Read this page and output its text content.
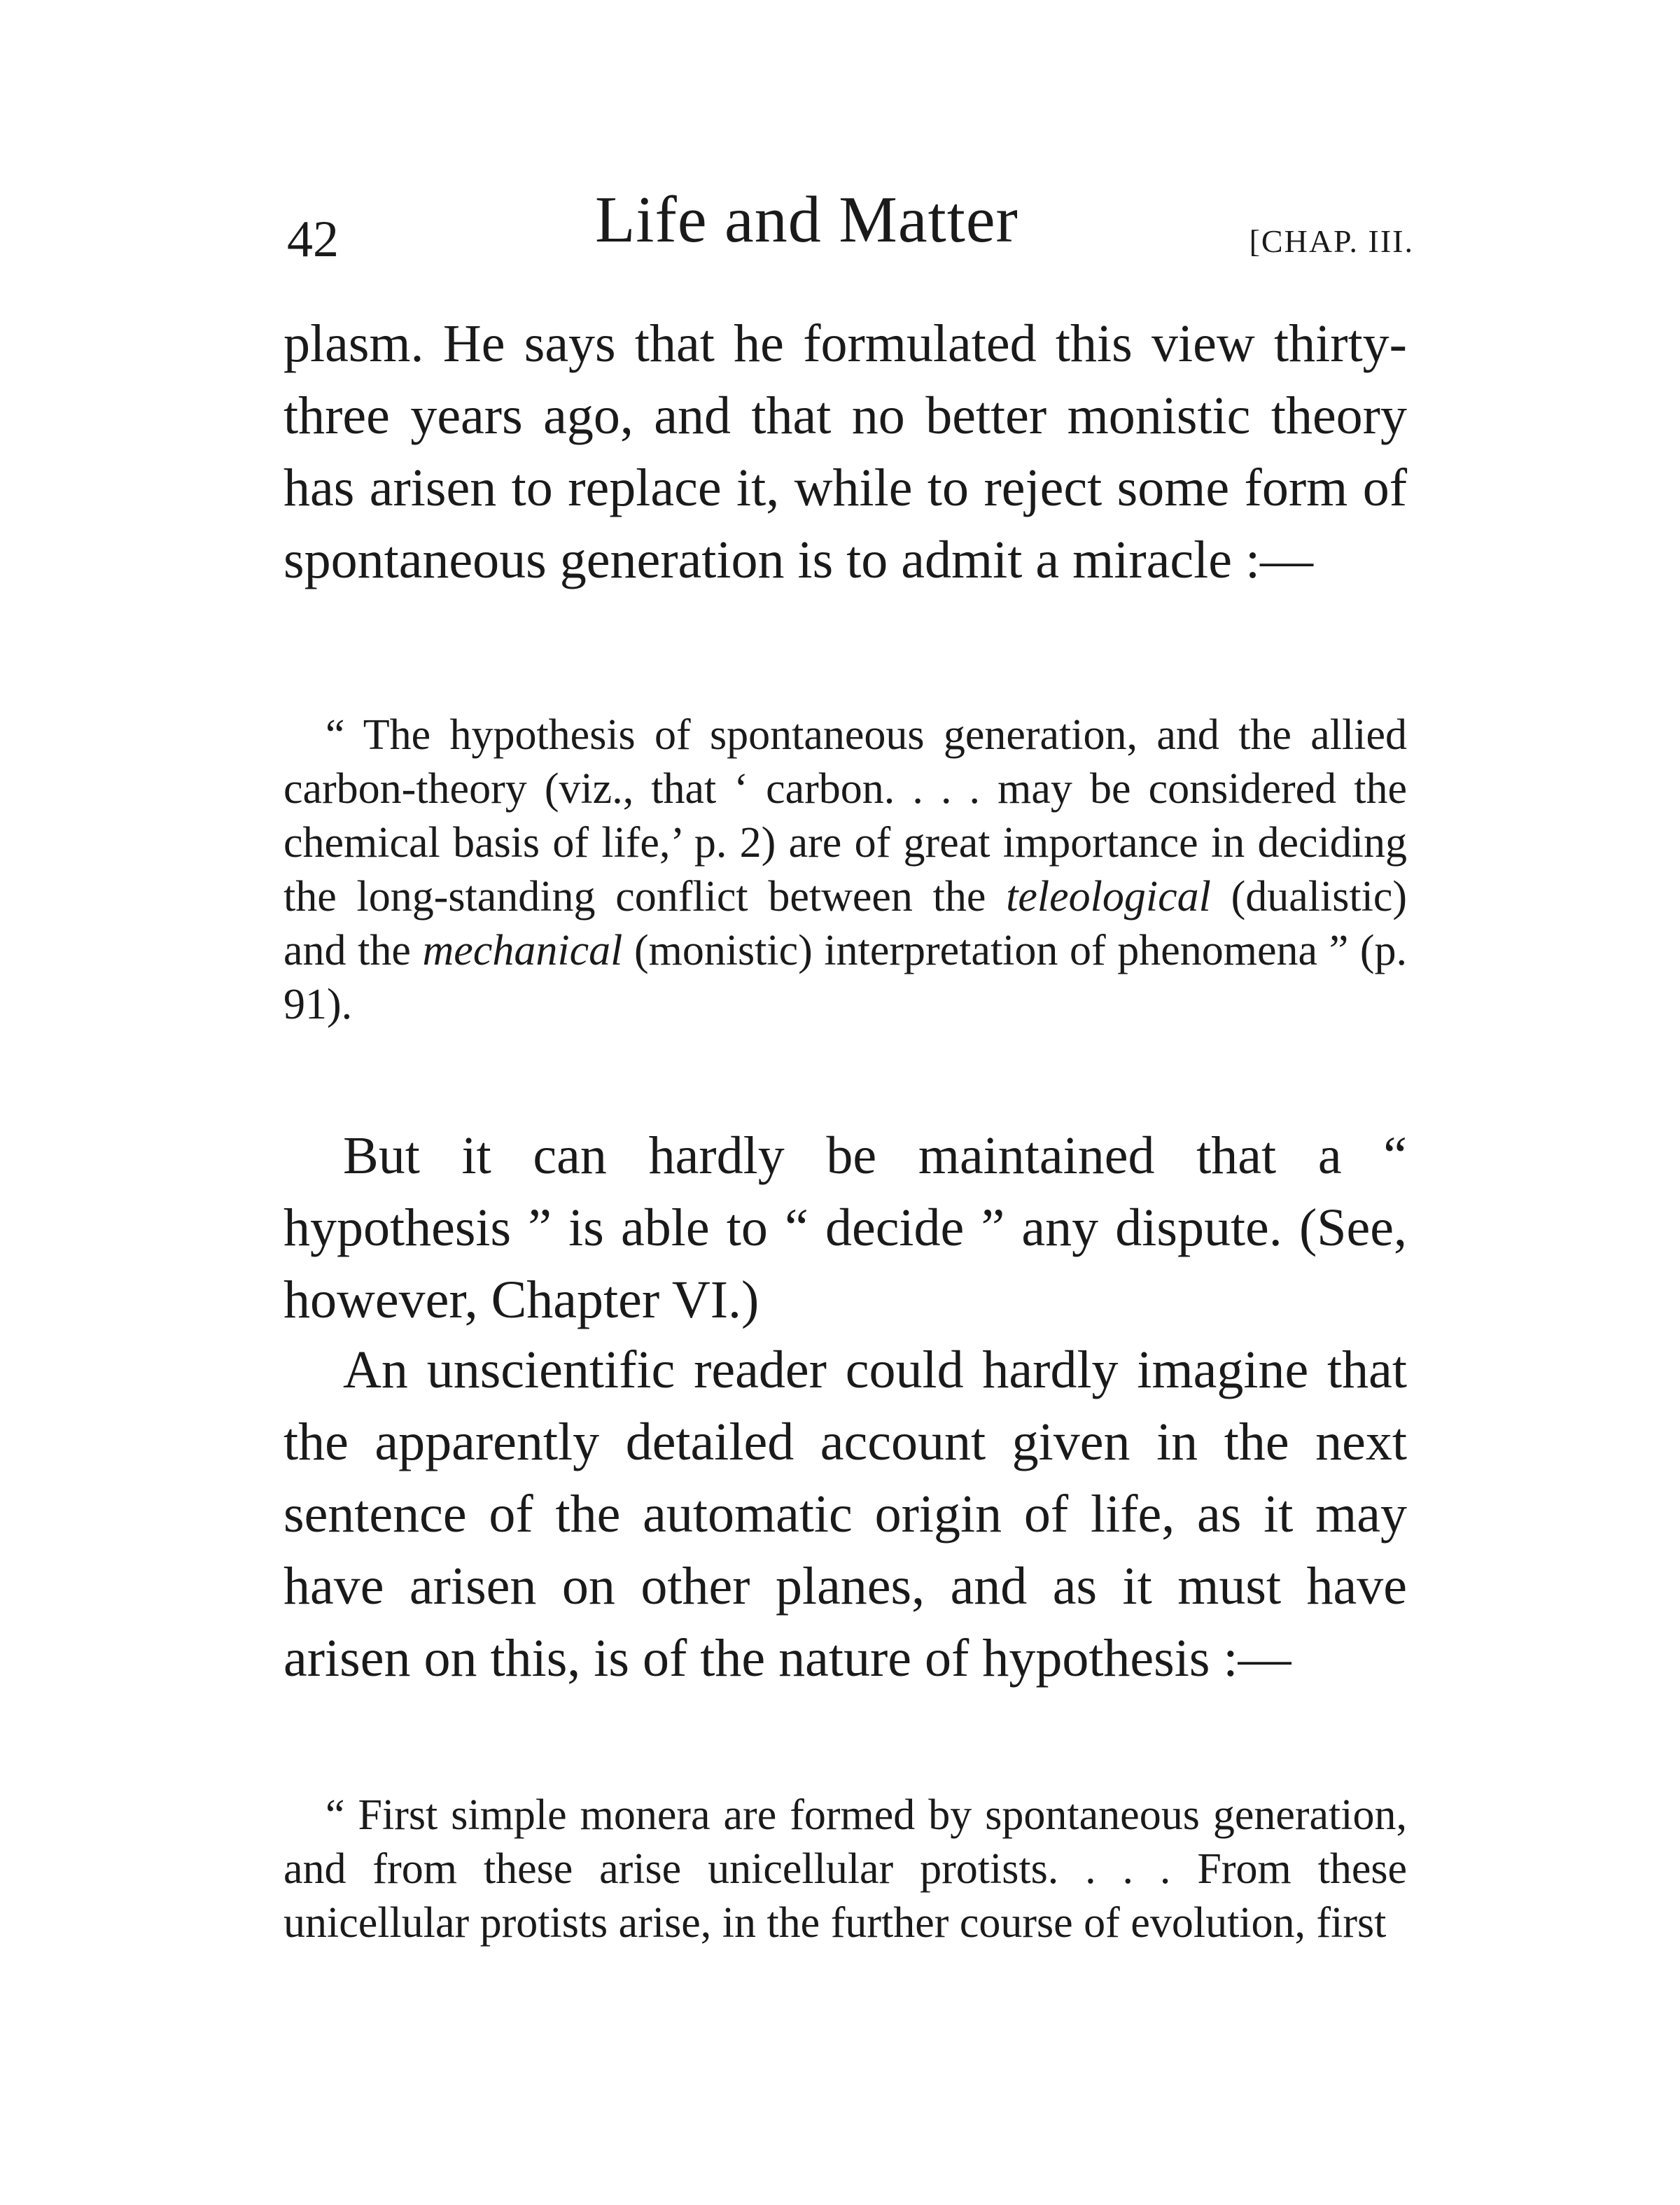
42	Life and Matter	[CHAP. III.

plasm. He says that he formulated this view thirty-three years ago, and that no better monistic theory has arisen to replace it, while to reject some form of spontaneous generation is to admit a miracle :—

“ The hypothesis of spontaneous generation, and the allied carbon-theory (viz., that ‘ carbon. . . . may be considered the chemical basis of life,’ p. 2) are of great importance in deciding the long-standing conflict between the teleological (dualistic) and the mechanical (monistic) interpretation of phenomena ” (p. 91).

But it can hardly be maintained that a “ hypothesis ” is able to “ decide ” any dispute. (See, however, Chapter VI.)

An unscientific reader could hardly imagine that the apparently detailed account given in the next sentence of the automatic origin of life, as it may have arisen on other planes, and as it must have arisen on this, is of the nature of hypothesis :—

“ First simple monera are formed by spontaneous generation, and from these arise unicellular protists. . . . From these unicellular protists arise, in the further course of evolution, first
